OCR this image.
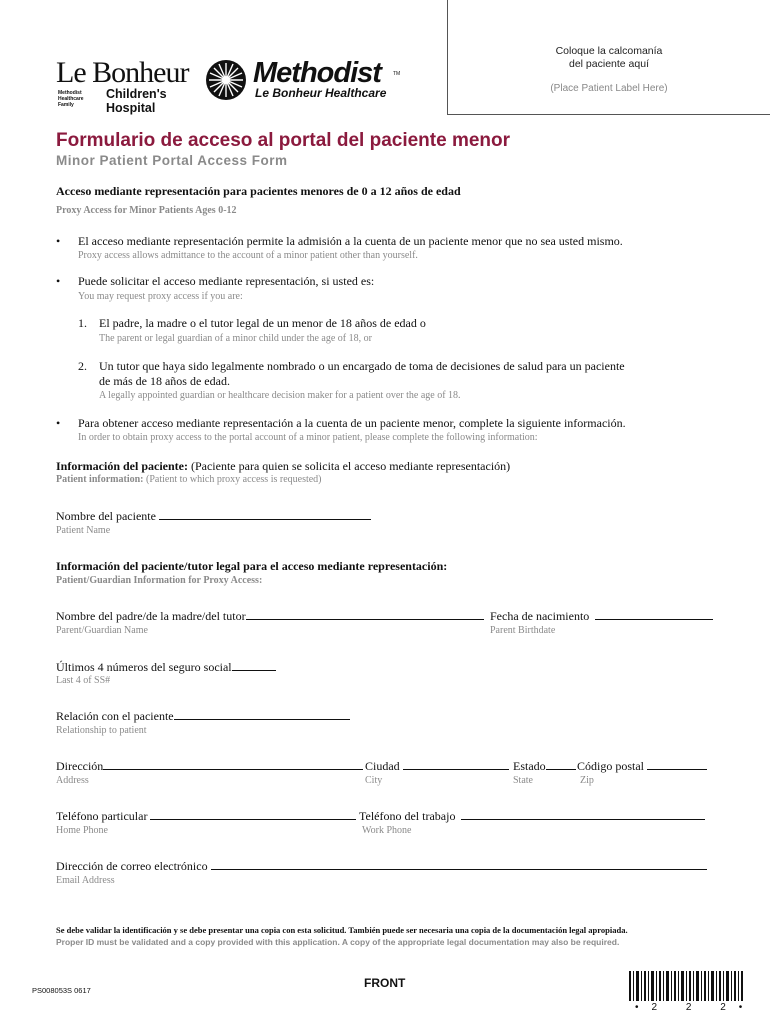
Coloque la calcomanía
del paciente aquí
(Place Patient Label Here)
Le Bonheur
Methodist Healthcare Family
Children's Hospital
Methodist TM
Le Bonheur Healthcare
Formulario de acceso al portal del paciente menor
Minor Patient Portal Access Form
Acceso mediante representación para pacientes menores de 0 a 12 años de edad
Proxy Access for Minor Patients Ages 0-12
• El acceso mediante representación permite la admisión a la cuenta de un paciente menor que no sea usted mismo.
Proxy access allows admittance to the account of a minor patient other than yourself.
• Puede solicitar el acceso mediante representación, si usted es:
You may request proxy access if you are:
1. El padre, la madre o el tutor legal de un menor de 18 años de edad o
The parent or legal guardian of a minor child under the age of 18, or
2. Un tutor que haya sido legalmente nombrado o un encargado de toma de decisiones de salud para un paciente
de más de 18 años de edad.
A legally appointed guardian or healthcare decision maker for a patient over the age of 18.
• Para obtener acceso mediante representación a la cuenta de un paciente menor, complete la siguiente información.
In order to obtain proxy access to the portal account of a minor patient, please complete the following information:
Información del paciente: (Paciente para quien se solicita el acceso mediante representación)
Patient information: (Patient to which proxy access is requested)
Nombre del paciente
Patient Name
Información del paciente/tutor legal para el acceso mediante representación:
Patient/Guardian Information for Proxy Access:
Nombre del padre/de la madre/del tutor
Parent/Guardian Name
Fecha de nacimiento
Parent Birthdate
Últimos 4 números del seguro social
Last 4 of SS#
Relación con el paciente
Relationship to patient
Dirección
Address
Ciudad
City
Estado
State
Código postal
Zip
Teléfono particular
Home Phone
Teléfono del trabajo
Work Phone
Dirección de correo electrónico
Email Address
Se debe validar la identificación y se debe presentar una copia con esta solicitud. También puede ser necesaria una copia de la documentación legal apropiada.
Proper ID must be validated and a copy provided with this application. A copy of the appropriate legal documentation may also be required.
PS008053S 0617
FRONT
•2 2 2•
